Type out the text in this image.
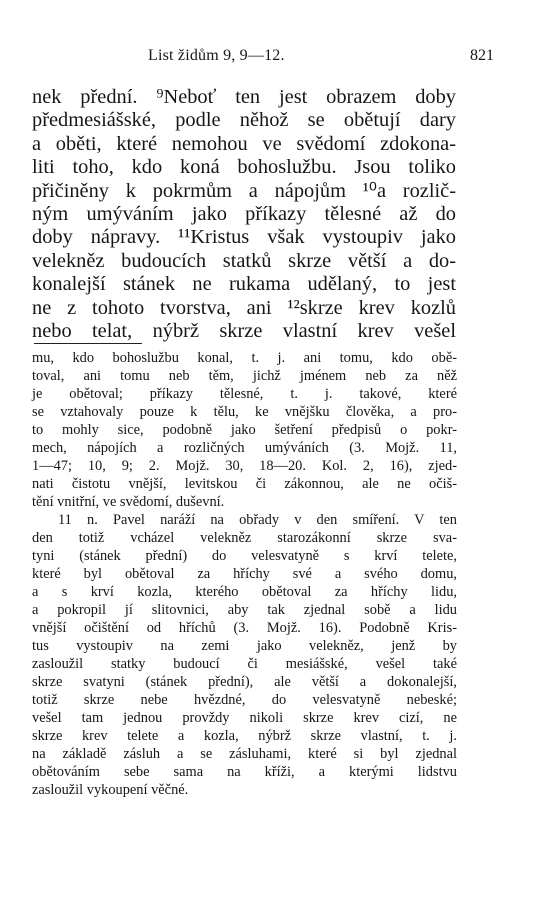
List židům 9, 9—12.	821
nek přední. ⁹Neboť ten jest obrazem doby
předmesiášské, podle něhož se obětují dary
a oběti, které nemohou ve svědomí zdokona-
liti toho, kdo koná bohoslužbu. Jsou toliko
přičiněny k pokrmům a nápojům ¹⁰a rozlič-
ným umýváním jako příkazy tělesné až do
doby nápravy. ¹¹Kristus však vystoupiv jako
velekněz budoucích statků skrze větší a do-
konalejší stánek ne rukama udělaný, to jest
ne z tohoto tvorstva, ani ¹²skrze krev kozlů
nebo telat, nýbrž skrze vlastní krev vešel
mu, kdo bohoslužbu konal, t. j. ani tomu, kdo obě-
toval, ani tomu neb těm, jichž jménem neb za něž
je obětoval; příkazy tělesné, t. j. takové, které
se vztahovaly pouze k tělu, ke vnějšku člověka, a pro-
to mohly sice, podobně jako šetření předpisů o pokr-
mech, nápojích a rozličných umýváních (3. Mojž. 11,
1—47; 10, 9; 2. Mojž. 30, 18—20. Kol. 2, 16), zjed-
nati čistotu vnější, levitskou či zákonnou, ale ne očiš-
tění vnitřní, ve svědomí, duševní.
11 n. Pavel naráží na obřady v den smíření. V ten
den totiž vcházel velekněz starozákonní skrze sva-
tyni (stánek přední) do velesvatyně s krví telete,
které byl obětoval za hříchy své a svého domu,
a s krví kozla, kterého obětoval za hříchy lidu,
a pokropil jí slitovnici, aby tak zjednal sobě a lidu
vnější očištění od hříchů (3. Mojž. 16). Podobně Kris-
tus vystoupiv na zemi jako velekněz, jenž by
zasloužil statky budoucí či mesiášské, vešel také
skrze svatyni (stánek přední), ale větší a dokonalejší,
totiž skrze nebe hvězdné, do velesvatyně nebeské;
vešel tam jednou provždy nikoli skrze krev cizí, ne
skrze krev telete a kozla, nýbrž skrze vlastní, t. j.
na základě zásluh a se zásluhami, které si byl zjednal
obětováním sebe sama na kříži, a kterými lidstvu
zasloužil vykoupení věčné.
